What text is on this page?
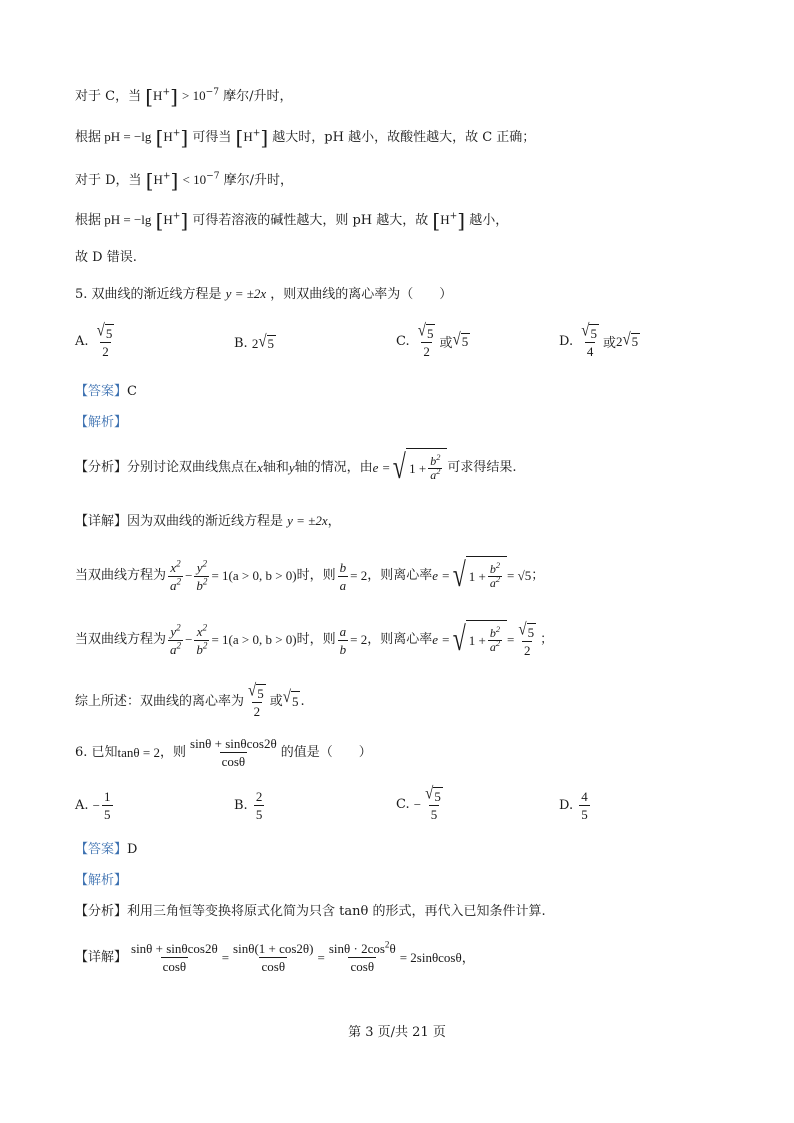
对于 C，当 $[H^+] > 10^{-7}$ 摩尔/升时，
根据 pH = −lg [H+] 可得当 [H+] 越大时，pH 越小，故酸性越大，故 C 正确；
对于 D，当 $[H^+] < 10^{-7}$ 摩尔/升时，
根据 pH = −lg [H+] 可得若溶液的碱性越大，则 pH 越大，故 [H+] 越小，
故 D 错误.
5. 双曲线的渐近线方程是 y = ±2x ，则双曲线的离心率为（　　）
A.
$\frac{√ 5}{2}$	B.
2 √ 5	C.
$\frac{√ 5}{2}$ 或 √ 5	D.
$\frac{√ 5}{4}$ 或 2 √ 5
【答案】C
【解析】
【分析】 分别讨论双曲线焦点在 x 轴和 y 轴的情况，由 e = √ $1 + \frac{b^2}{a^2}$ 可求得结果.
【详解】因为双曲线的渐近线方程是 y = ±2x，
当双曲线方程为 $\frac{x^2}{a^2} - \frac{y^2}{b^2} = 1(a > 0$, b > 0) 时，则 $\frac{b}{a} = 2$ ，则离心率 e = √ $1 + \frac{b^2}{a^2} = √5$ ；
当双曲线方程为 $\frac{y^2}{a^2} - \frac{x^2}{b^2} = 1(a > 0$, b > 0) 时，则 $\frac{a}{b} = 2$ ，则离心率 e = √ $1 + \frac{b^2}{a^2} = \frac{√ 5}{2}$ ；
综上所述：双曲线的离心率为 $\frac{√ 5}{2}$ 或 √ 5 .
6. 已知 tanθ = 2 ，则 $\frac{\sin\theta + \sin\theta\cos 2\theta}{\cos\theta}$ 的值是（　　）
A.
− $\frac{1}{5}$	B.
$\frac{2}{5}$	C.
− $\frac{√ 5}{5}$	D.
$\frac{4}{5}$
【答案】D
【解析】
【分析】利用三角恒等变换将原式化简为只含 tanθ 的形式，再代入已知条件计算.
【详解】 $\frac{\sin\theta + \sin\theta\cos 2\theta}{\cos\theta} = \frac{\sin\theta(1 + \cos 2\theta)}{\cos\theta} = \frac{\sin\theta \cdot 2\cos^2\theta}{\cos\theta} = 2\sin\theta\cos\theta$，
第 3 页/共 21 页
